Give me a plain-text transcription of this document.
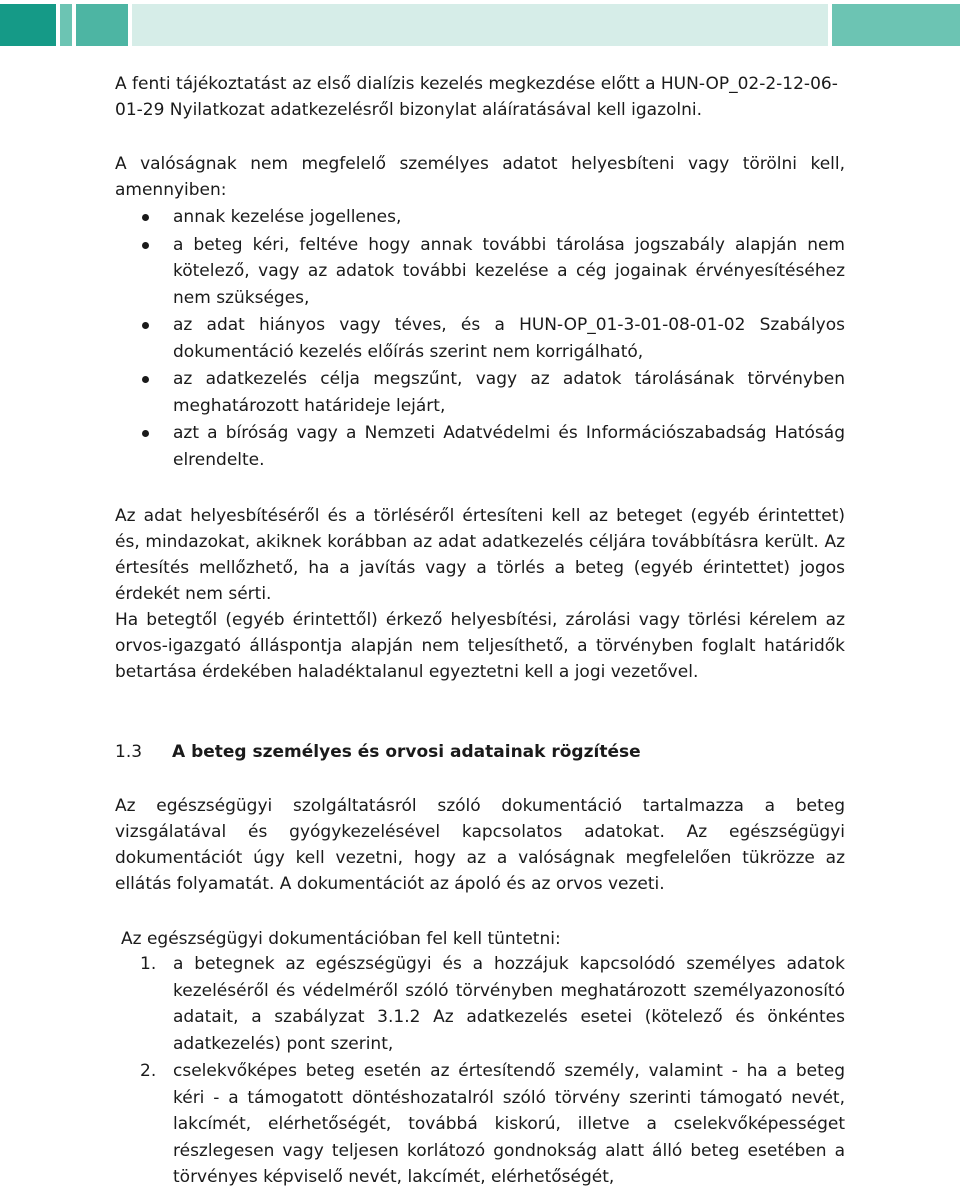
A fenti tájékoztatást az első dialízis kezelés megkezdése előtt a HUN-OP_02-2-12-06-01-29 Nyilatkozat adatkezelésről bizonylat aláíratásával kell igazolni.

A valóságnak nem megfelelő személyes adatot helyesbíteni vagy törölni kell, amennyiben:

annak kezelése jogellenes,
a beteg kéri, feltéve hogy annak további tárolása jogszabály alapján nem kötelező, vagy az adatok további kezelése a cég jogainak érvényesítéséhez nem szükséges,
az adat hiányos vagy téves, és a HUN-OP_01-3-01-08-01-02 Szabályos dokumentáció kezelés előírás szerint nem korrigálható,
az adatkezelés célja megszűnt, vagy az adatok tárolásának törvényben meghatározott határideje lejárt,
azt a bíróság vagy a Nemzeti Adatvédelmi és Információszabadság Hatóság elrendelte.

Az adat helyesbítéséről és a törléséről értesíteni kell az beteget (egyéb érintettet) és, mindazokat, akiknek korábban az adat adatkezelés céljára továbbításra került. Az értesítés mellőzhető, ha a javítás vagy a törlés a beteg (egyéb érintettet) jogos érdekét nem sérti.

Ha betegtől (egyéb érintettől) érkező helyesbítési, zárolási vagy törlési kérelem az orvos-igazgató álláspontja alapján nem teljesíthető, a törvényben foglalt határidők betartása érdekében haladéktalanul egyeztetni kell a jogi vezetővel.

1.3	A beteg személyes és orvosi adatainak rögzítése

Az egészségügyi szolgáltatásról szóló dokumentáció tartalmazza a beteg vizsgálatával és gyógykezelésével kapcsolatos adatokat. Az egészségügyi dokumentációt úgy kell vezetni, hogy az a valóságnak megfelelően tükrözze az ellátás folyamatát. A dokumentációt az ápoló és az orvos vezeti.

Az egészségügyi dokumentációban fel kell tüntetni:

1. a betegnek az egészségügyi és a hozzájuk kapcsolódó személyes adatok kezeléséről és védelméről szóló törvényben meghatározott személyazonosító adatait, a szabályzat 3.1.2 Az adatkezelés esetei (kötelező és önkéntes adatkezelés) pont szerint,
2. cselekvőképes beteg esetén az értesítendő személy, valamint - ha a beteg kéri - a támogatott döntéshozatalról szóló törvény szerinti támogató nevét, lakcímét, elérhetőségét, továbbá kiskorú, illetve a cselekvőképességet részlegesen vagy teljesen korlátozó gondnokság alatt álló beteg esetében a törvényes képviselő nevét, lakcímét, elérhetőségét,
